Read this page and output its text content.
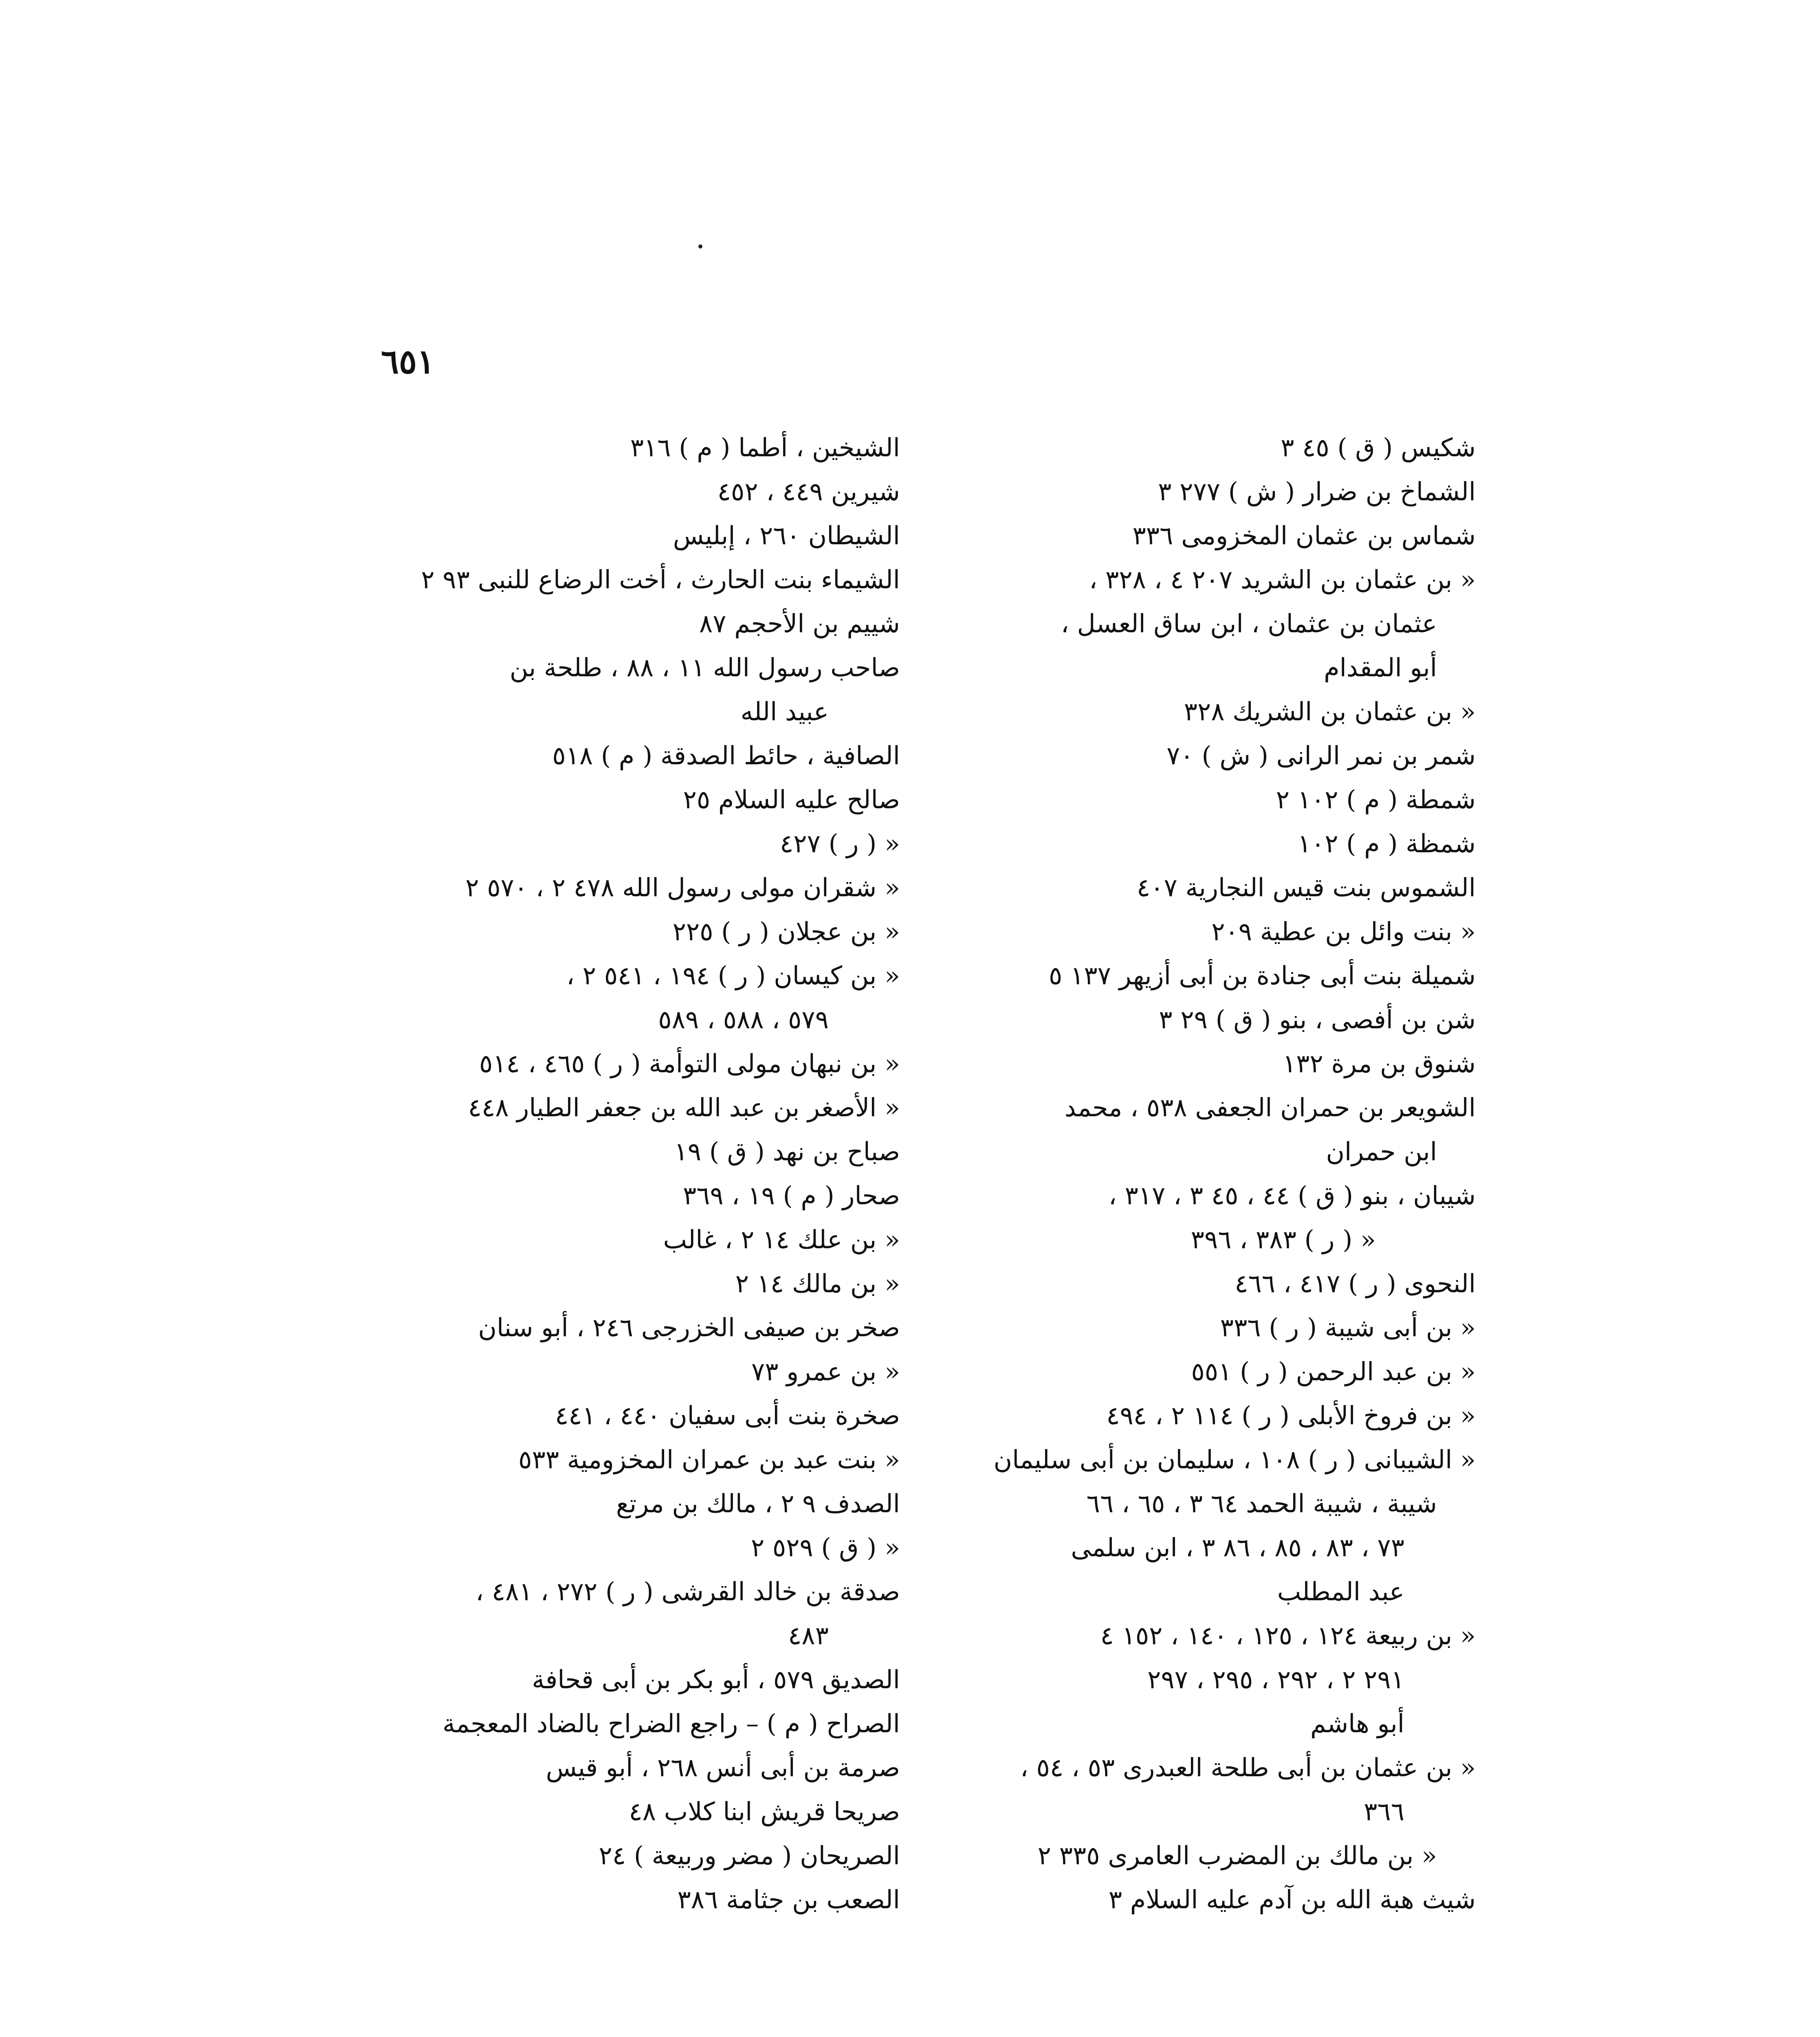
٦٥١
شكيس ( ق ) ٤٥ ٣
الشماخ بن ضرار ( ش ) ٢٧٧ ٣
شماس بن عثمان المخزومى ٣٣٦
« بن عثمان بن الشريد ٢٠٧ ٤ ، ٣٢٨ ،
عثمان بن عثمان ، ابن ساق العسل ،
أبو المقدام
« بن عثمان بن الشريك ٣٢٨
شمر بن نمر الرانى ( ش ) ٧٠
شمطة ( م ) ١٠٢ ٢
شمظة ( م ) ١٠٢
الشموس بنت قيس النجارية ٤٠٧
« بنت وائل بن عطية ٢٠٩
شميلة بنت أبى جنادة بن أبى أزيهر ١٣٧ ٥
شن بن أفصى ، بنو ( ق ) ٢٩ ٣
شنوق بن مرة ١٣٢
الشويعر بن حمران الجعفى ٥٣٨ ، محمد
ابن حمران
شيبان ، بنو ( ق ) ٤٤ ، ٤٥ ٣ ، ٣١٧ ،
« ( ر ) ٣٨٣ ، ٣٩٦
النحوى ( ر ) ٤١٧ ، ٤٦٦
« بن أبى شيبة ( ر ) ٣٣٦
« بن عبد الرحمن ( ر ) ٥٥١
« بن فروخ الأبلى ( ر ) ١١٤ ٢ ، ٤٩٤
« الشيبانى ( ر ) ١٠٨ ، سليمان بن أبى سليمان
شيبة ، شيبة الحمد ٦٤ ٣ ، ٦٥ ، ٦٦
٧٣ ، ٨٣ ، ٨٥ ، ٨٦ ٣ ، ابن سلمى
عبد المطلب
« بن ربيعة ١٢٤ ، ١٢٥ ، ١٤٠ ، ١٥٢ ٤
٢٩١ ٢ ، ٢٩٢ ، ٢٩٥ ، ٢٩٧
أبو هاشم
« بن عثمان بن أبى طلحة العبدرى ٥٣ ، ٥٤ ،
٣٦٦
« بن مالك بن المضرب العامرى ٣٣٥ ٢
شيث هبة الله بن آدم عليه السلام ٣
الشيخين ، أطما ( م ) ٣١٦
شيرين ٤٤٩ ، ٤٥٢
الشيطان ٢٦٠ ، إبليس
الشيماء بنت الحارث ، أخت الرضاع للنبى ٩٣ ٢
شييم بن الأحجم ٨٧
صاحب رسول الله ١١ ، ٨٨ ، طلحة بن
عبيد الله
الصافية ، حائط الصدقة ( م ) ٥١٨
صالح عليه السلام ٢٥
« ( ر ) ٤٢٧
« شقران مولى رسول الله ٤٧٨ ٢ ، ٥٧٠ ٢
« بن عجلان ( ر ) ٢٢٥
« بن كيسان ( ر ) ١٩٤ ، ٥٤١ ٢ ،
٥٧٩ ، ٥٨٨ ، ٥٨٩
« بن نبهان مولى التوأمة ( ر ) ٤٦٥ ، ٥١٤
« الأصغر بن عبد الله بن جعفر الطيار ٤٤٨
صباح بن نهد ( ق ) ١٩
صحار ( م ) ١٩ ، ٣٦٩
« بن علك ١٤ ٢ ، غالب
« بن مالك ١٤ ٢
صخر بن صيفى الخزرجى ٢٤٦ ، أبو سنان
« بن عمرو ٧٣
صخرة بنت أبى سفيان ٤٤٠ ، ٤٤١
« بنت عبد بن عمران المخزومية ٥٣٣
الصدف ٩ ٢ ، مالك بن مرتع
« ( ق ) ٥٢٩ ٢
صدقة بن خالد القرشى ( ر ) ٢٧٢ ، ٤٨١ ،
٤٨٣
الصديق ٥٧٩ ، أبو بكر بن أبى قحافة
الصراح ( م ) – راجع الضراح بالضاد المعجمة
صرمة بن أبى أنس ٢٦٨ ، أبو قيس
صريحا قريش ابنا كلاب ٤٨
الصريحان ( مضر وربيعة ) ٢٤
الصعب بن جثامة ٣٨٦
